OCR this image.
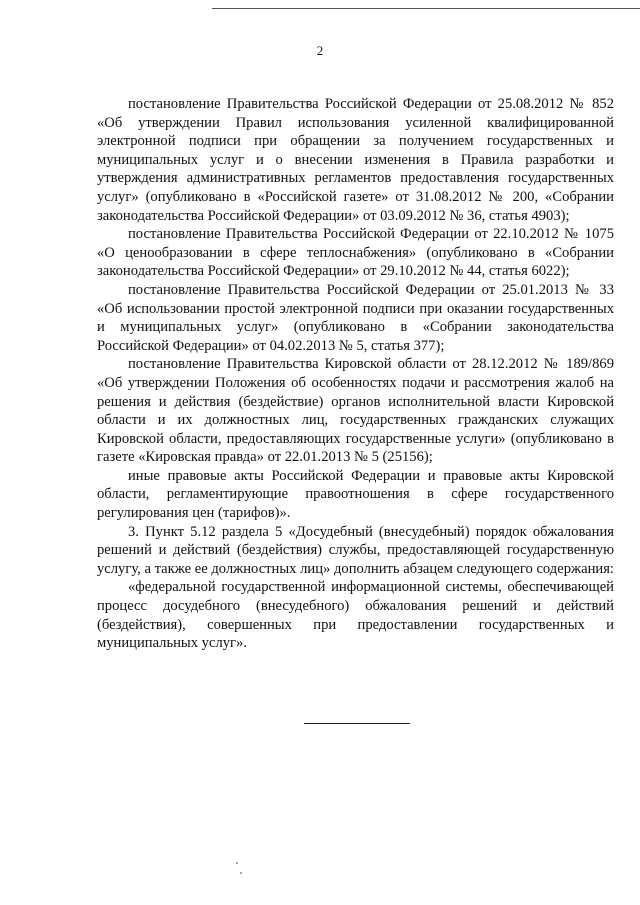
2

постановление Правительства Российской Федерации от 25.08.2012 № 852 «Об утверждении Правил использования усиленной квалифицированной электронной подписи при обращении за получением государственных и муниципальных услуг и о внесении изменения в Правила разработки и утверждения административных регламентов предоставления государственных услуг» (опубликовано в «Российской газете» от 31.08.2012 № 200, «Собрании законодательства Российской Федерации» от 03.09.2012 № 36, статья 4903);

постановление Правительства Российской Федерации от 22.10.2012 № 1075 «О ценообразовании в сфере теплоснабжения» (опубликовано в «Собрании законодательства Российской Федерации» от 29.10.2012 № 44, статья 6022);

постановление Правительства Российской Федерации от 25.01.2013 № 33 «Об использовании простой электронной подписи при оказании государственных и муниципальных услуг» (опубликовано в «Собрании законодательства Российской Федерации» от 04.02.2013 № 5, статья 377);

постановление Правительства Кировской области от 28.12.2012 № 189/869 «Об утверждении Положения об особенностях подачи и рассмотрения жалоб на решения и действия (бездействие) органов исполнительной власти Кировской области и их должностных лиц, государственных гражданских служащих Кировской области, предоставляющих государственные услуги» (опубликовано в газете «Кировская правда» от 22.01.2013 № 5 (25156);

иные правовые акты Российской Федерации и правовые акты Кировской области, регламентирующие правоотношения в сфере государственного регулирования цен (тарифов)».

3. Пункт 5.12 раздела 5 «Досудебный (внесудебный) порядок обжалования решений и действий (бездействия) службы, предоставляющей государственную услугу, а также ее должностных лиц» дополнить абзацем следующего содержания:

«федеральной государственной информационной системы, обеспечивающей процесс досудебного (внесудебного) обжалования решений и действий (бездействия), совершенных при предоставлении государственных и муниципальных услуг».
